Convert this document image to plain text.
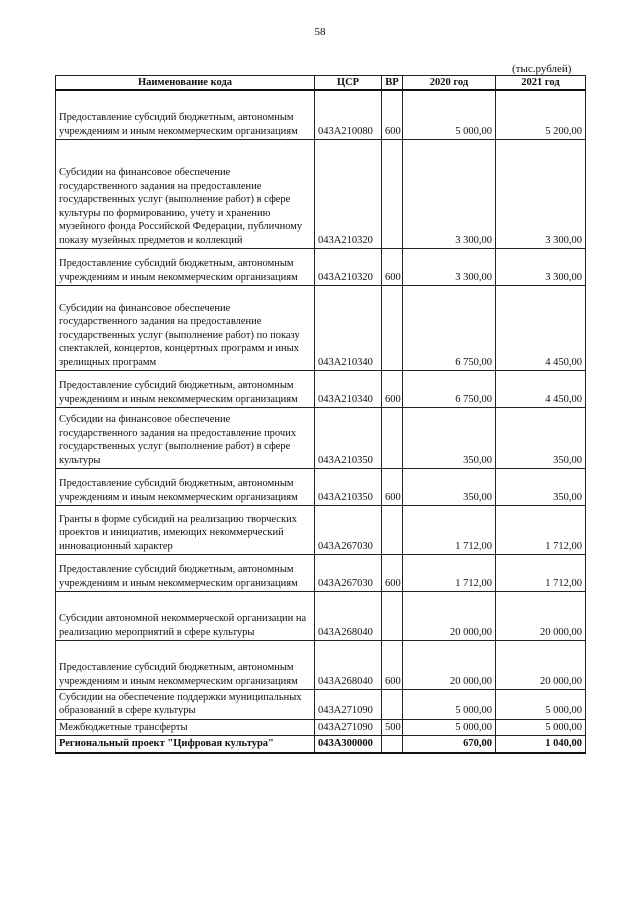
58
(тыс.рублей)
Наименование кода	ЦСР	ВР	2020 год	2021 год
Предоставление субсидий бюджетным, автономным учреждениям и иным некоммерческим организациям	043A210080	600	5 000,00	5 200,00
Субсидии на финансовое обеспечение государственного задания на предоставление государственных услуг (выполнение работ) в сфере культуры по формированию, учету и хранению музейного фонда Российской Федерации, публичному показу музейных предметов и коллекций	043A210320		3 300,00	3 300,00
Предоставление субсидий бюджетным, автономным учреждениям и иным некоммерческим организациям	043A210320	600	3 300,00	3 300,00
Субсидии на финансовое обеспечение государственного задания на предоставление государственных услуг (выполнение работ) по показу спектаклей, концертов, концертных программ и иных зрелищных программ	043A210340		6 750,00	4 450,00
Предоставление субсидий бюджетным, автономным учреждениям и иным некоммерческим организациям	043A210340	600	6 750,00	4 450,00
Субсидии на финансовое обеспечение государственного задания на предоставление прочих государственных услуг (выполнение работ) в сфере культуры	043A210350		350,00	350,00
Предоставление субсидий бюджетным, автономным учреждениям и иным некоммерческим организациям	043A210350	600	350,00	350,00
Гранты в форме субсидий на реализацию творческих проектов и инициатив, имеющих некоммерческий инновационный характер	043A267030		1 712,00	1 712,00
Предоставление субсидий бюджетным, автономным учреждениям и иным некоммерческим организациям	043A267030	600	1 712,00	1 712,00
Субсидии автономной некоммерческой организации на реализацию мероприятий в сфере культуры	043A268040		20 000,00	20 000,00
Предоставление субсидий бюджетным, автономным учреждениям и иным некоммерческим организациям	043A268040	600	20 000,00	20 000,00
Субсидии на обеспечение поддержки муниципальных образований в сфере культуры	043A271090		5 000,00	5 000,00
Межбюджетные трансферты	043A271090	500	5 000,00	5 000,00
Региональный проект "Цифровая культура"	043A300000		670,00	1 040,00
